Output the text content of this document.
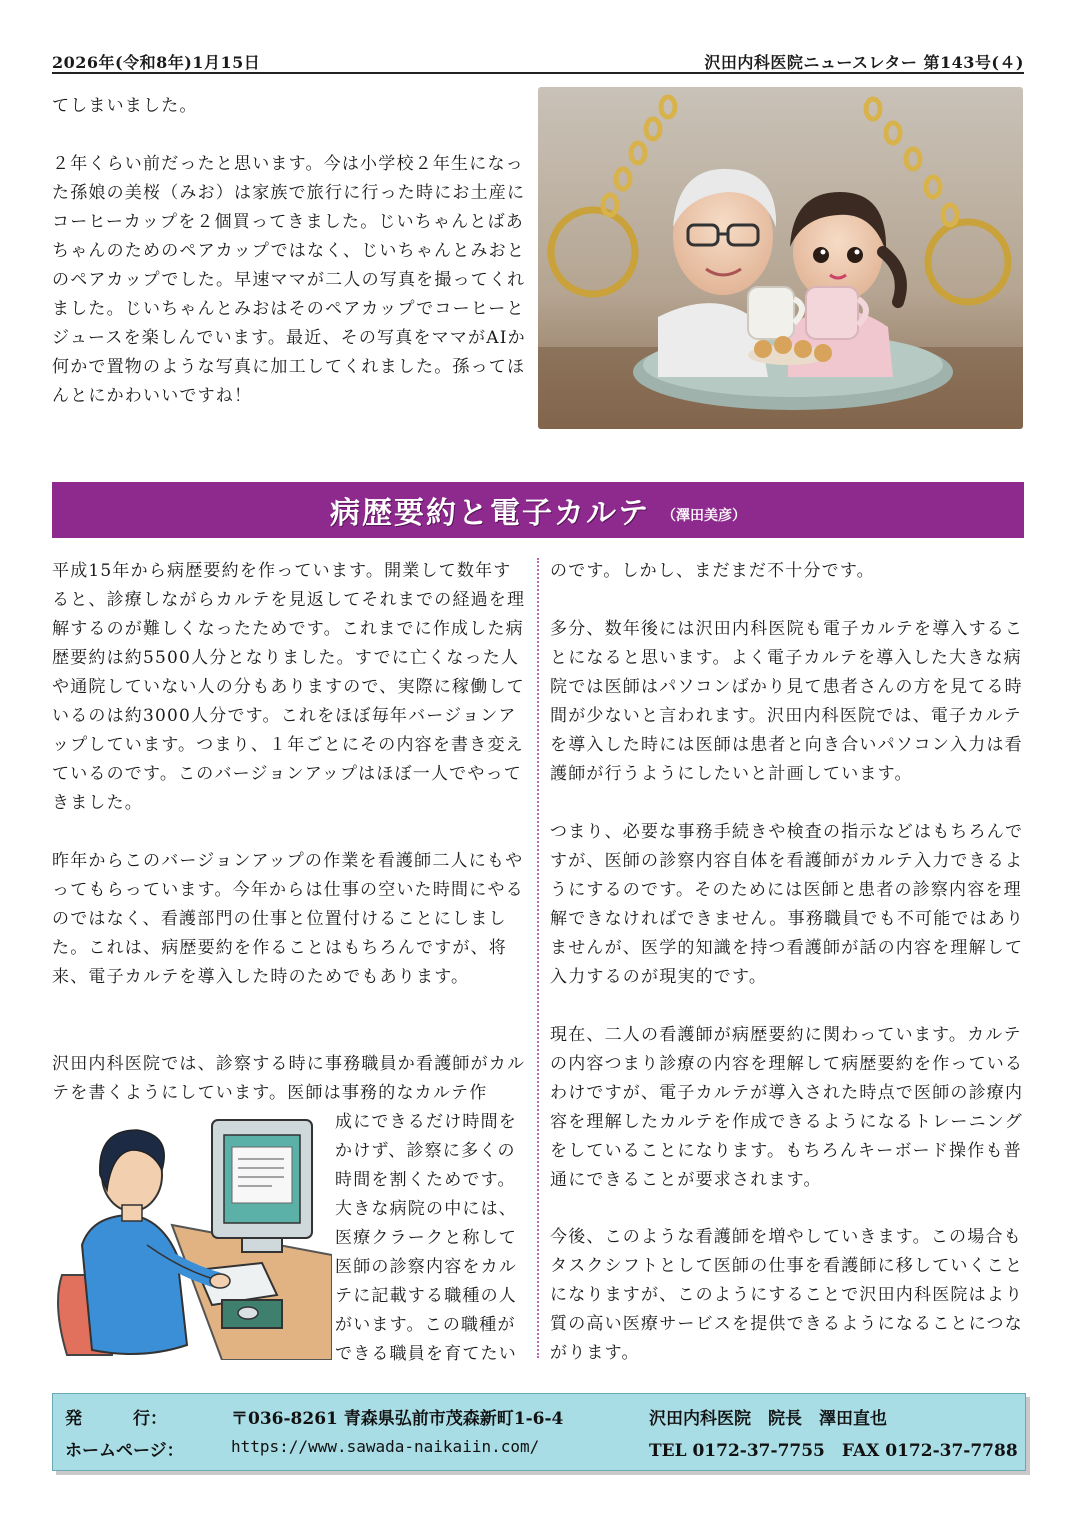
2026年(令和8年)1月15日	沢田内科医院ニュースレター 第143号(４)

てしまいました。

２年くらい前だったと思います。今は小学校２年生になった孫娘の美桜（みお）は家族で旅行に行った時にお土産にコーヒーカップを２個買ってきました。じいちゃんとばあちゃんのためのペアカップではなく、じいちゃんとみおとのペアカップでした。早速ママが二人の写真を撮ってくれました。じいちゃんとみおはそのペアカップでコーヒーとジュースを楽しんでいます。最近、その写真をママがAIか何かで置物のような写真に加工してくれました。孫ってほんとにかわいいですね！

病歴要約と電子カルテ （澤田美彦）

平成15年から病歴要約を作っています。開業して数年すると、診療しながらカルテを見返してそれまでの経過を理解するのが難しくなったためです。これまでに作成した病歴要約は約5500人分となりました。すでに亡くなった人や通院していない人の分もありますので、実際に稼働しているのは約3000人分です。これをほぼ毎年バージョンアップしています。つまり、１年ごとにその内容を書き変えているのです。このバージョンアップはほぼ一人でやってきました。

昨年からこのバージョンアップの作業を看護師二人にもやってもらっています。今年からは仕事の空いた時間にやるのではなく、看護部門の仕事と位置付けることにしました。これは、病歴要約を作ることはもちろんですが、将来、電子カルテを導入した時のためでもあります。

沢田内科医院では、診察する時に事務職員か看護師がカルテを書くようにしています。医師は事務的なカルテ作

成にできるだけ時間をかけず、診察に多くの時間を割くためです。大きな病院の中には、医療クラークと称して医師の診察内容をカルテに記載する職種の人がいます。この職種ができる職員を育てたい

のです。しかし、まだまだ不十分です。

多分、数年後には沢田内科医院も電子カルテを導入することになると思います。よく電子カルテを導入した大きな病院では医師はパソコンばかり見て患者さんの方を見てる時間が少ないと言われます。沢田内科医院では、電子カルテを導入した時には医師は患者と向き合いパソコン入力は看護師が行うようにしたいと計画しています。

つまり、必要な事務手続きや検査の指示などはもちろんですが、医師の診察内容自体を看護師がカルテ入力できるようにするのです。そのためには医師と患者の診察内容を理解できなければできません。事務職員でも不可能ではありませんが、医学的知識を持つ看護師が話の内容を理解して入力するのが現実的です。

現在、二人の看護師が病歴要約に関わっています。カルテの内容つまり診療の内容を理解して病歴要約を作っているわけですが、電子カルテが導入された時点で医師の診療内容を理解したカルテを作成できるようになるトレーニングをしていることになります。もちろんキーボード操作も普通にできることが要求されます。

今後、このような看護師を増やしていきます。この場合もタスクシフトとして医師の仕事を看護師に移していくことになりますが、このようにすることで沢田内科医院はより質の高い医療サービスを提供できるようになることにつながります。

発　　　行：	〒036-8261 青森県弘前市茂森新町1-6-4	沢田内科医院　院長　澤田直也
ホームページ：	https://www.sawada-naikaiin.com/	TEL 0172-37-7755　FAX 0172-37-7788
